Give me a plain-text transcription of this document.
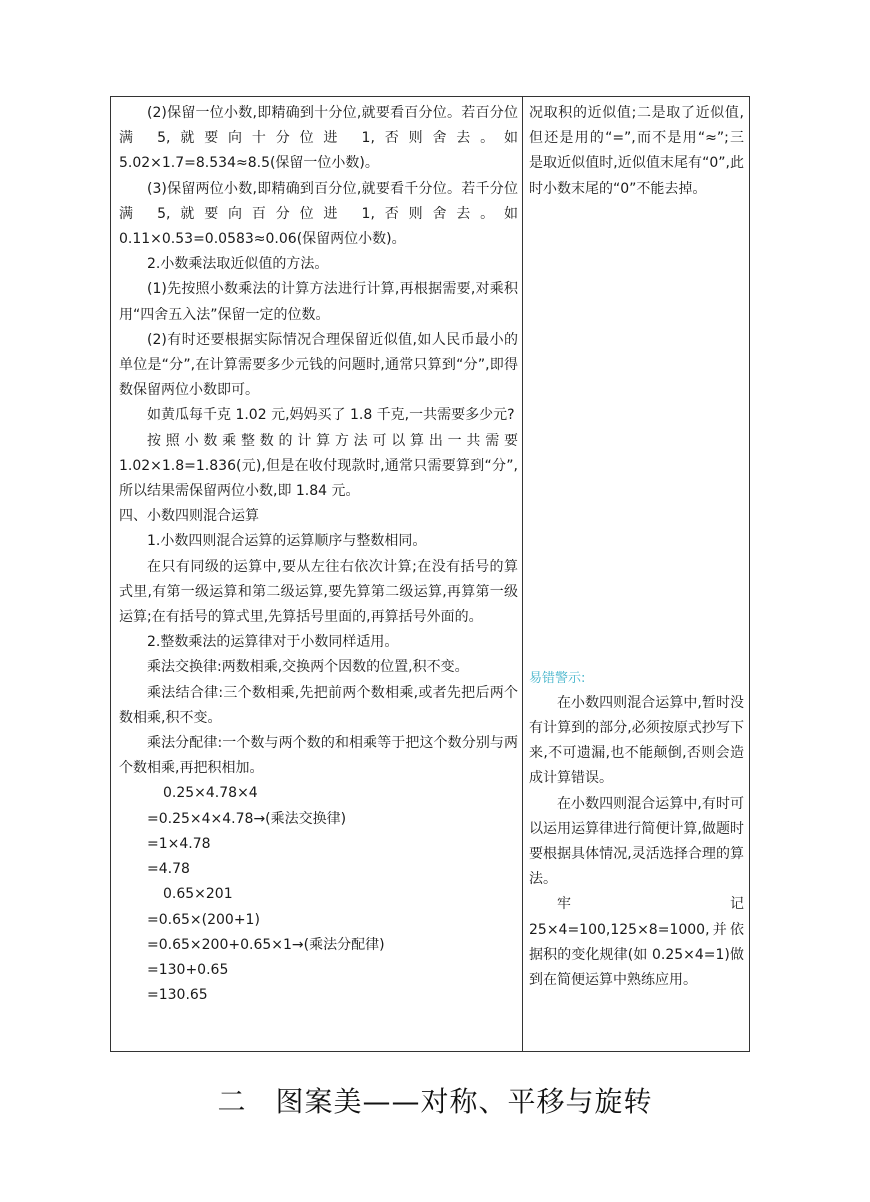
(2)保留一位小数,即精确到十分位,就要看百分位。若百分位满 5,就要向十分位进 1,否则舍去。如 5.02×1.7=8.534≈8.5(保留一位小数)。

(3)保留两位小数,即精确到百分位,就要看千分位。若千分位满 5,就要向百分位进 1,否则舍去。如 0.11×0.53=0.0583≈0.06(保留两位小数)。

2.小数乘法取近似值的方法。

(1)先按照小数乘法的计算方法进行计算,再根据需要,对乘积用“四舍五入法”保留一定的位数。

(2)有时还要根据实际情况合理保留近似值,如人民币最小的单位是“分”,在计算需要多少元钱的问题时,通常只算到“分”,即得数保留两位小数即可。

如黄瓜每千克 1.02 元,妈妈买了 1.8 千克,一共需要多少元?

按照小数乘整数的计算方法可以算出一共需要1.02×1.8=1.836(元),但是在收付现款时,通常只需要算到“分”,所以结果需保留两位小数,即 1.84 元。

四、小数四则混合运算

1.小数四则混合运算的运算顺序与整数相同。

在只有同级的运算中,要从左往右依次计算;在没有括号的算式里,有第一级运算和第二级运算,要先算第二级运算,再算第一级运算;在有括号的算式里,先算括号里面的,再算括号外面的。

2.整数乘法的运算律对于小数同样适用。

乘法交换律:两数相乘,交换两个因数的位置,积不变。

乘法结合律:三个数相乘,先把前两个数相乘,或者先把后两个数相乘,积不变。

乘法分配律:一个数与两个数的和相乘等于把这个数分别与两个数相乘,再把积相加。

0.25×4.78×4

=0.25×4×4.78→(乘法交换律)

=1×4.78

=4.78

0.65×201

=0.65×(200+1)

=0.65×200+0.65×1→(乘法分配律)

=130+0.65

=130.65

况取积的近似值;二是取了近似值,但还是用的“=”,而不是用“≈”;三是取近似值时,近似值末尾有“0”,此时小数末尾的“0”不能去掉。

易错警示:

在小数四则混合运算中,暂时没有计算到的部分,必须按原式抄写下来,不可遗漏,也不能颠倒,否则会造成计算错误。

在小数四则混合运算中,有时可以运用运算律进行简便计算,做题时要根据具体情况,灵活选择合理的算法。

牢 记

25×4=100,125×8=1000,并依据积的变化规律(如 0.25×4=1)做到在简便运算中熟练应用。

二　图案美——对称、平移与旋转
